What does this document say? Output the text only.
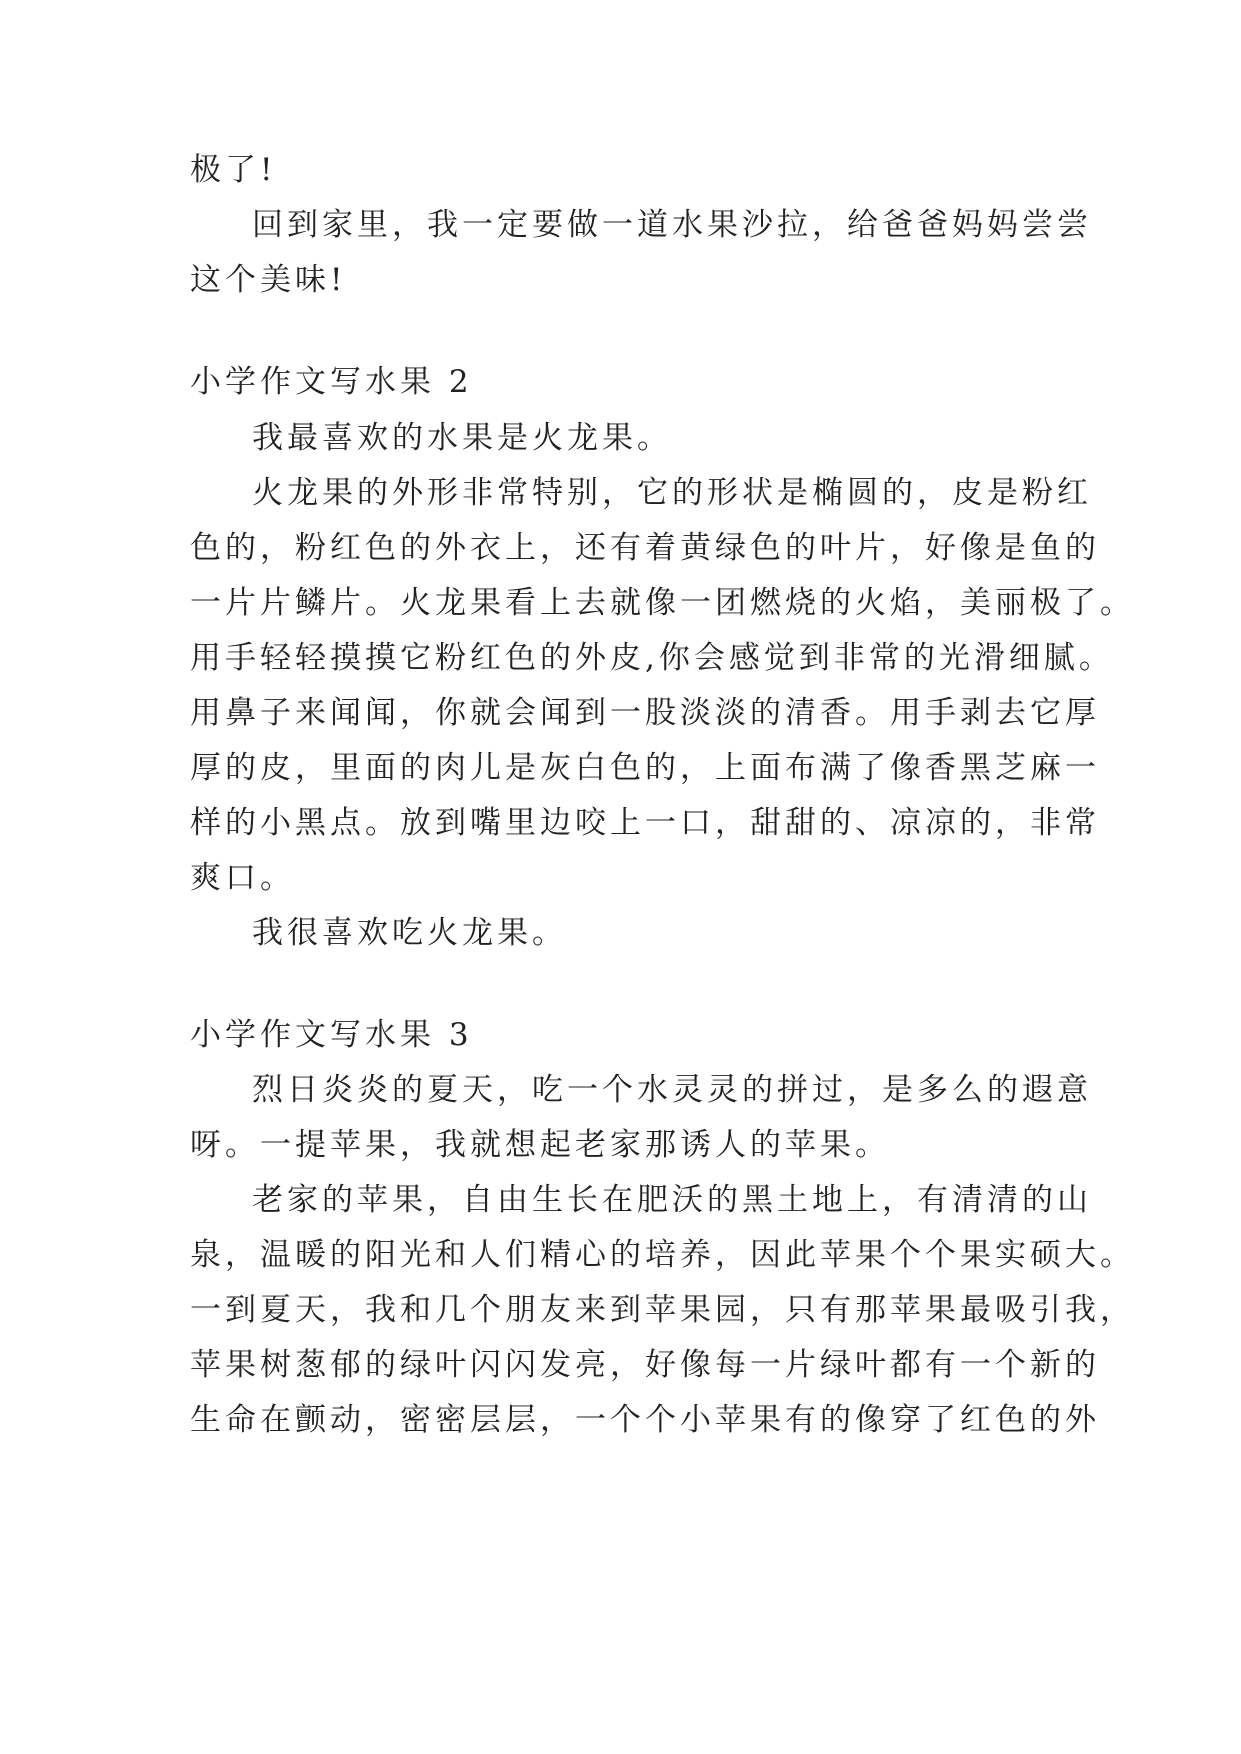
极了!
回到家里，我一定要做一道水果沙拉，给爸爸妈妈尝尝
这个美味!
小学作文写水果 2
我最喜欢的水果是火龙果。
火龙果的外形非常特别，它的形状是椭圆的，皮是粉红
色的，粉红色的外衣上，还有着黄绿色的叶片，好像是鱼的
一片片鳞片。火龙果看上去就像一团燃烧的火焰，美丽极了。
用手轻轻摸摸它粉红色的外皮,你会感觉到非常的光滑细腻。
用鼻子来闻闻，你就会闻到一股淡淡的清香。用手剥去它厚
厚的皮，里面的肉儿是灰白色的，上面布满了像香黑芝麻一
样的小黑点。放到嘴里边咬上一口，甜甜的、凉凉的，非常
爽口。
我很喜欢吃火龙果。
小学作文写水果 3
烈日炎炎的夏天，吃一个水灵灵的拼过，是多么的遐意
呀。一提苹果，我就想起老家那诱人的苹果。
老家的苹果，自由生长在肥沃的黑土地上，有清清的山
泉，温暖的阳光和人们精心的培养，因此苹果个个果实硕大。
一到夏天，我和几个朋友来到苹果园，只有那苹果最吸引我，
苹果树葱郁的绿叶闪闪发亮，好像每一片绿叶都有一个新的
生命在颤动，密密层层，一个个小苹果有的像穿了红色的外
